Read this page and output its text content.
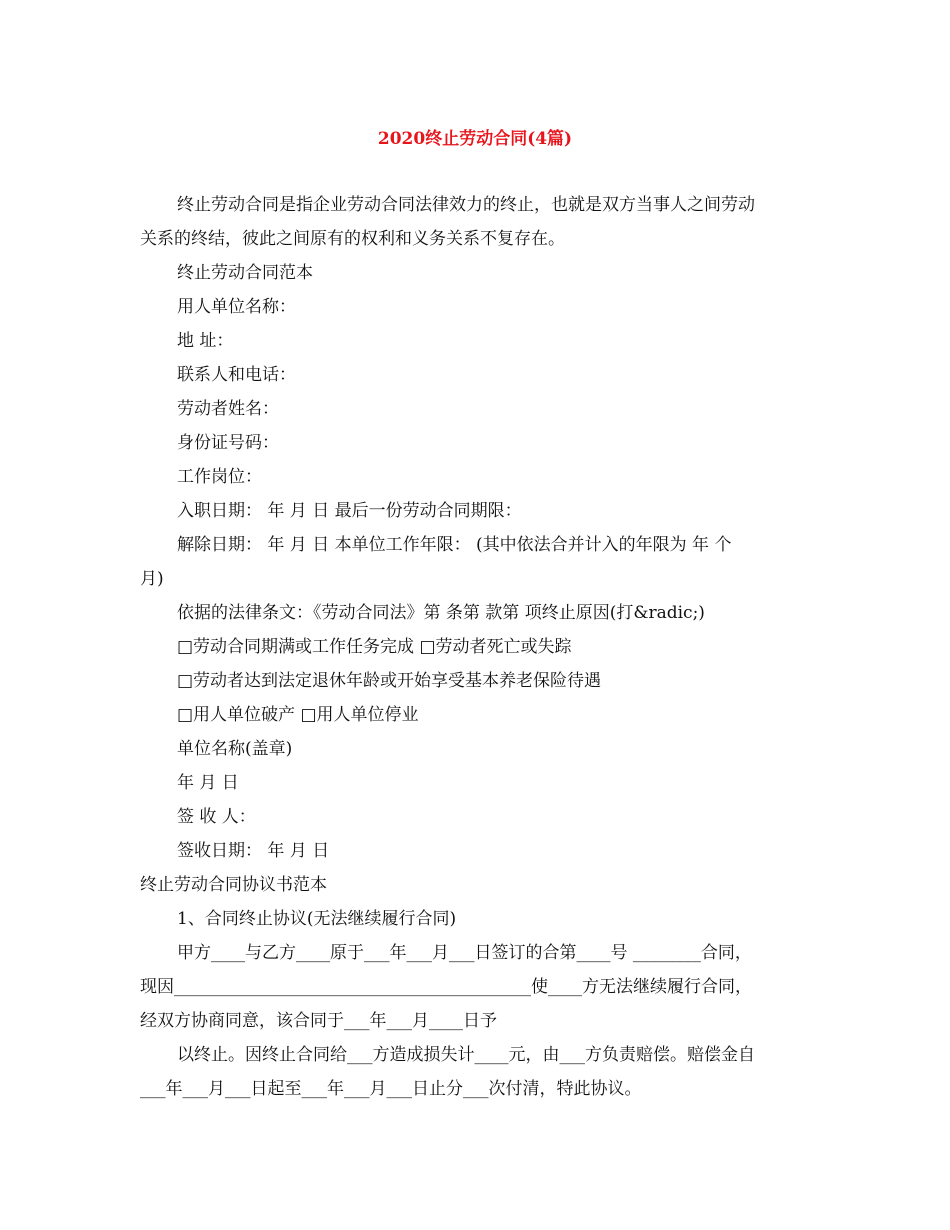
2020终止劳动合同(4篇)
终止劳动合同是指企业劳动合同法律效力的终止，也就是双方当事人之间劳动
关系的终结，彼此之间原有的权利和义务关系不复存在。
终止劳动合同范本
用人单位名称：
地 址：
联系人和电话：
劳动者姓名：
身份证号码：
工作岗位：
入职日期： 年 月 日 最后一份劳动合同期限：
解除日期： 年 月 日 本单位工作年限： (其中依法合并计入的年限为 年 个
月)
依据的法律条文：《劳动合同法》第 条第 款第 项终止原因(打&radic;)
□劳动合同期满或工作任务完成 □劳动者死亡或失踪
□劳动者达到法定退休年龄或开始享受基本养老保险待遇
□用人单位破产 □用人单位停业
单位名称(盖章)
年 月 日
签 收 人：
签收日期： 年 月 日
终止劳动合同协议书范本
1、合同终止协议(无法继续履行合同)
甲方____与乙方____原于___年___月___日签订的合第____号 ________合同，
现因__________________________________________使____方无法继续履行合同，
经双方协商同意，该合同于___年___月____日予
以终止。因终止合同给___方造成损失计____元，由___方负责赔偿。赔偿金自
___年___月___日起至___年___月___日止分___次付清，特此协议。
